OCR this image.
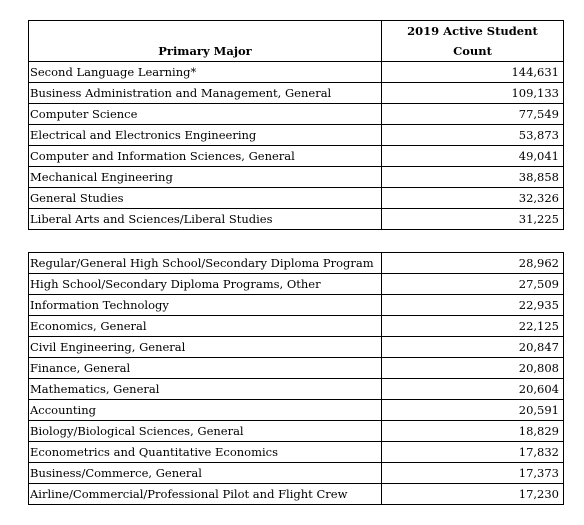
Primary Major	2019 Active Student
Count
Second Language Learning*	144,631
Business Administration and Management, General	109,133
Computer Science	77,549
Electrical and Electronics Engineering	53,873
Computer and Information Sciences, General	49,041
Mechanical Engineering	38,858
General Studies	32,326
Liberal Arts and Sciences/Liberal Studies	31,225
Regular/General High School/Secondary Diploma Program	28,962
High School/Secondary Diploma Programs, Other	27,509
Information Technology	22,935
Economics, General	22,125
Civil Engineering, General	20,847
Finance, General	20,808
Mathematics, General	20,604
Accounting	20,591
Biology/Biological Sciences, General	18,829
Econometrics and Quantitative Economics	17,832
Business/Commerce, General	17,373
Airline/Commercial/Professional Pilot and Flight Crew	17,230
